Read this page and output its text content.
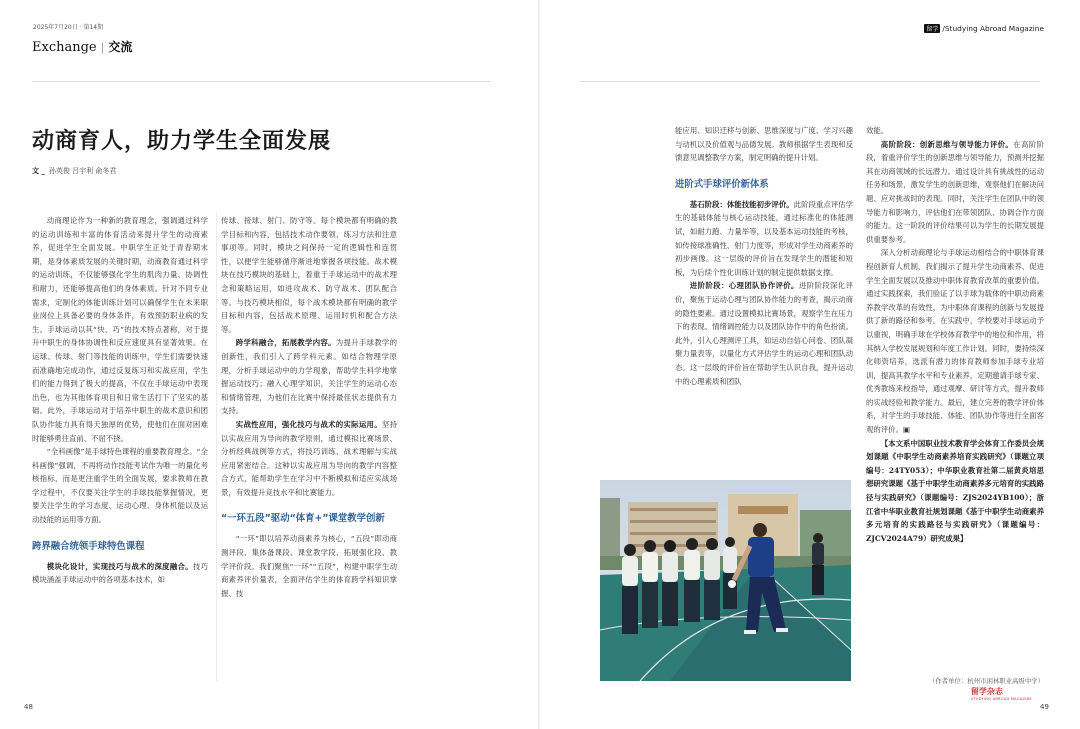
2025年7月20日 · 第14期
Exchange | 交流
动商育人，助力学生全面发展
文 _ 孙英俊 吕宇利 俞冬君

动商理论作为一种新的教育理念，强调通过科学的运动训练和丰富的体育活动来提升学生的动商素养，促进学生全面发展。中职学生正处于青春期末期，是身体素质发展的关键时期，动商教育通过科学的运动训练，不仅能够强化学生的肌肉力量、协调性和耐力，还能够提高他们的身体素质。针对不同专业需求，定制化的体能训练计划可以确保学生在未来职业岗位上具备必要的身体条件，有效预防职业病的发生。手球运动以其“快、巧”的技术特点著称，对于提升中职生的身体协调性和反应速度具有显著效果。在运球、传球、射门等技能的训练中，学生们需要快速而准确地完成动作，通过反复练习和实战应用，学生们的能力得到了极大的提高，不仅在手球运动中表现出色，也为其他体育项目和日常生活打下了坚实的基础。此外，手球运动对于培养中职生的战术意识和团队协作能力具有得天独厚的优势，使他们在面对困难时能够勇往直前、不屈不挠。

“全科画像”是手球特色课程的重要教育理念。“全科画像”强调，不再将动作技能考试作为唯一的量化考核指标，而是更注重学生的全面发展，要求教师在教学过程中，不仅要关注学生的手球技能掌握情况，更要关注学生的学习态度、运动心理、身体机能以及运动技能的运用等方面。

跨界融合统领手球特色课程

模块化设计，实现技巧与战术的深度融合。技巧模块涵盖手球运动中的各项基本技术，如

传球、接球、射门、防守等。每个模块都有明确的教学目标和内容，包括技术动作要领、练习方法和注意事项等。同时，模块之间保持一定的逻辑性和连贯性，以便学生能够循序渐进地掌握各项技能。战术模块在技巧模块的基础上，着重于手球运动中的战术理念和策略运用，如进攻战术、防守战术、团队配合等。与技巧模块相似，每个战术模块都有明确的教学目标和内容，包括战术原理、运用时机和配合方法等。

跨学科融合，拓展教学内容。为提升手球教学的创新性，我们引入了跨学科元素。如结合物理学原理，分析手球运动中的力学现象，帮助学生科学地掌握运动技巧；融入心理学知识，关注学生的运动心态和情绪管理，为他们在比赛中保持最佳状态提供有力支持。

实战性应用，强化技巧与战术的实际运用。坚持以实战应用为导向的教学原则，通过模拟比赛场景、分析经典战例等方式，将技巧训练、战术理解与实战应用紧密结合。这种以实战应用为导向的教学内容整合方式，能帮助学生在学习中不断模拟和适应实战场景，有效提升竞技水平和比赛能力。

“一环五段”驱动“体育+”课堂教学创新

“一环”即以培养动商素养为核心，“五段”即动商测评段、集体备课段、课堂教学段、拓展强化段、教学评价段。我们聚焦“一环”“五段”，构建中职学生动商素养评价量表，全面评估学生的体育跨学科知识掌握、技

48
留学 /Studying Abroad Magazine

能应用、知识迁移与创新、思维深度与广度、学习兴趣与动机以及价值观与品德发展。教师根据学生表现和反馈意见调整教学方案，制定明确的提升计划。

进阶式手球评价新体系

基石阶段：体能技能初步评价。此阶段重点评估学生的基础体能与核心运动技能，通过标准化的体能测试，如耐力跑、力量举等，以及基本运动技能的考核，如传接球准确性、射门力度等，形成对学生动商素养的初步画像。这一层级的评价旨在发现学生的潜能和短板，为后续个性化训练计划的制定提供数据支撑。

进阶阶段：心理团队协作评价。进阶阶段深化评价，聚焦于运动心理与团队协作能力的考查，揭示动商的隐性要素。通过设置模拟比赛场景，观察学生在压力下的表现、情绪调控能力以及团队协作中的角色扮演。此外，引入心理测评工具，如运动自信心问卷、团队凝聚力量表等，以量化方式评估学生的运动心理和团队动态。这一层级的评价旨在帮助学生认识自我，提升运动中的心理素质和团队

效能。

高阶阶段：创新思维与领导能力评价。在高阶阶段，着重评价学生的创新思维与领导能力，预测并挖掘其在动商领域的长远潜力。通过设计具有挑战性的运动任务和场景，激发学生的创新思维，观察他们在解决问题、应对挑战时的表现。同时，关注学生在团队中的领导能力和影响力，评估他们在带领团队、协调合作方面的能力。这一阶段的评价结果可以为学生的长期发展提供重要参考。

深入分析动商理论与手球运动相结合的中职体育课程创新育人机制，我们揭示了提升学生动商素养、促进学生全面发展以及推动中职体育教育改革的重要价值。通过实践探索，我们验证了以手球为载体的中职动商素养教学改革的有效性，为中职体育课程的创新与发展提供了新的路径和参考。在实践中，学校要对手球运动予以重视，明确手球在学校体育教学中的地位和作用，将其纳入学校发展规划和年度工作计划。同时，要持续深化师资培养，选派有潜力的体育教师参加手球专业培训，提高其教学水平和专业素养，定期邀请手球专家、优秀教练来校指导，通过观摩、研讨等方式，提升教师的实战经验和教学能力。最后，建立完善的教学评价体系，对学生的手球技能、体能、团队协作等进行全面客观的评价。▣

【本文系中国职业技术教育学会体育工作委员会规划课题《中职学生动商素养培育实践研究》（课题立项编号：24TY053）；中华职业教育社第二届黄炎培思想研究课题《基于中职学生动商素养多元培育的实践路径与实践研究》（课题编号：ZJS2024YB100）；浙江省中华职业教育社规划课题《基于中职学生动商素养多元培育的实践路径与实践研究》（课题编号：ZJCV2024A79）研究成果】

（作者单位：杭州市闲林职业高级中学）
留学杂志
STUDYING ABROAD MAGAZINE
49
